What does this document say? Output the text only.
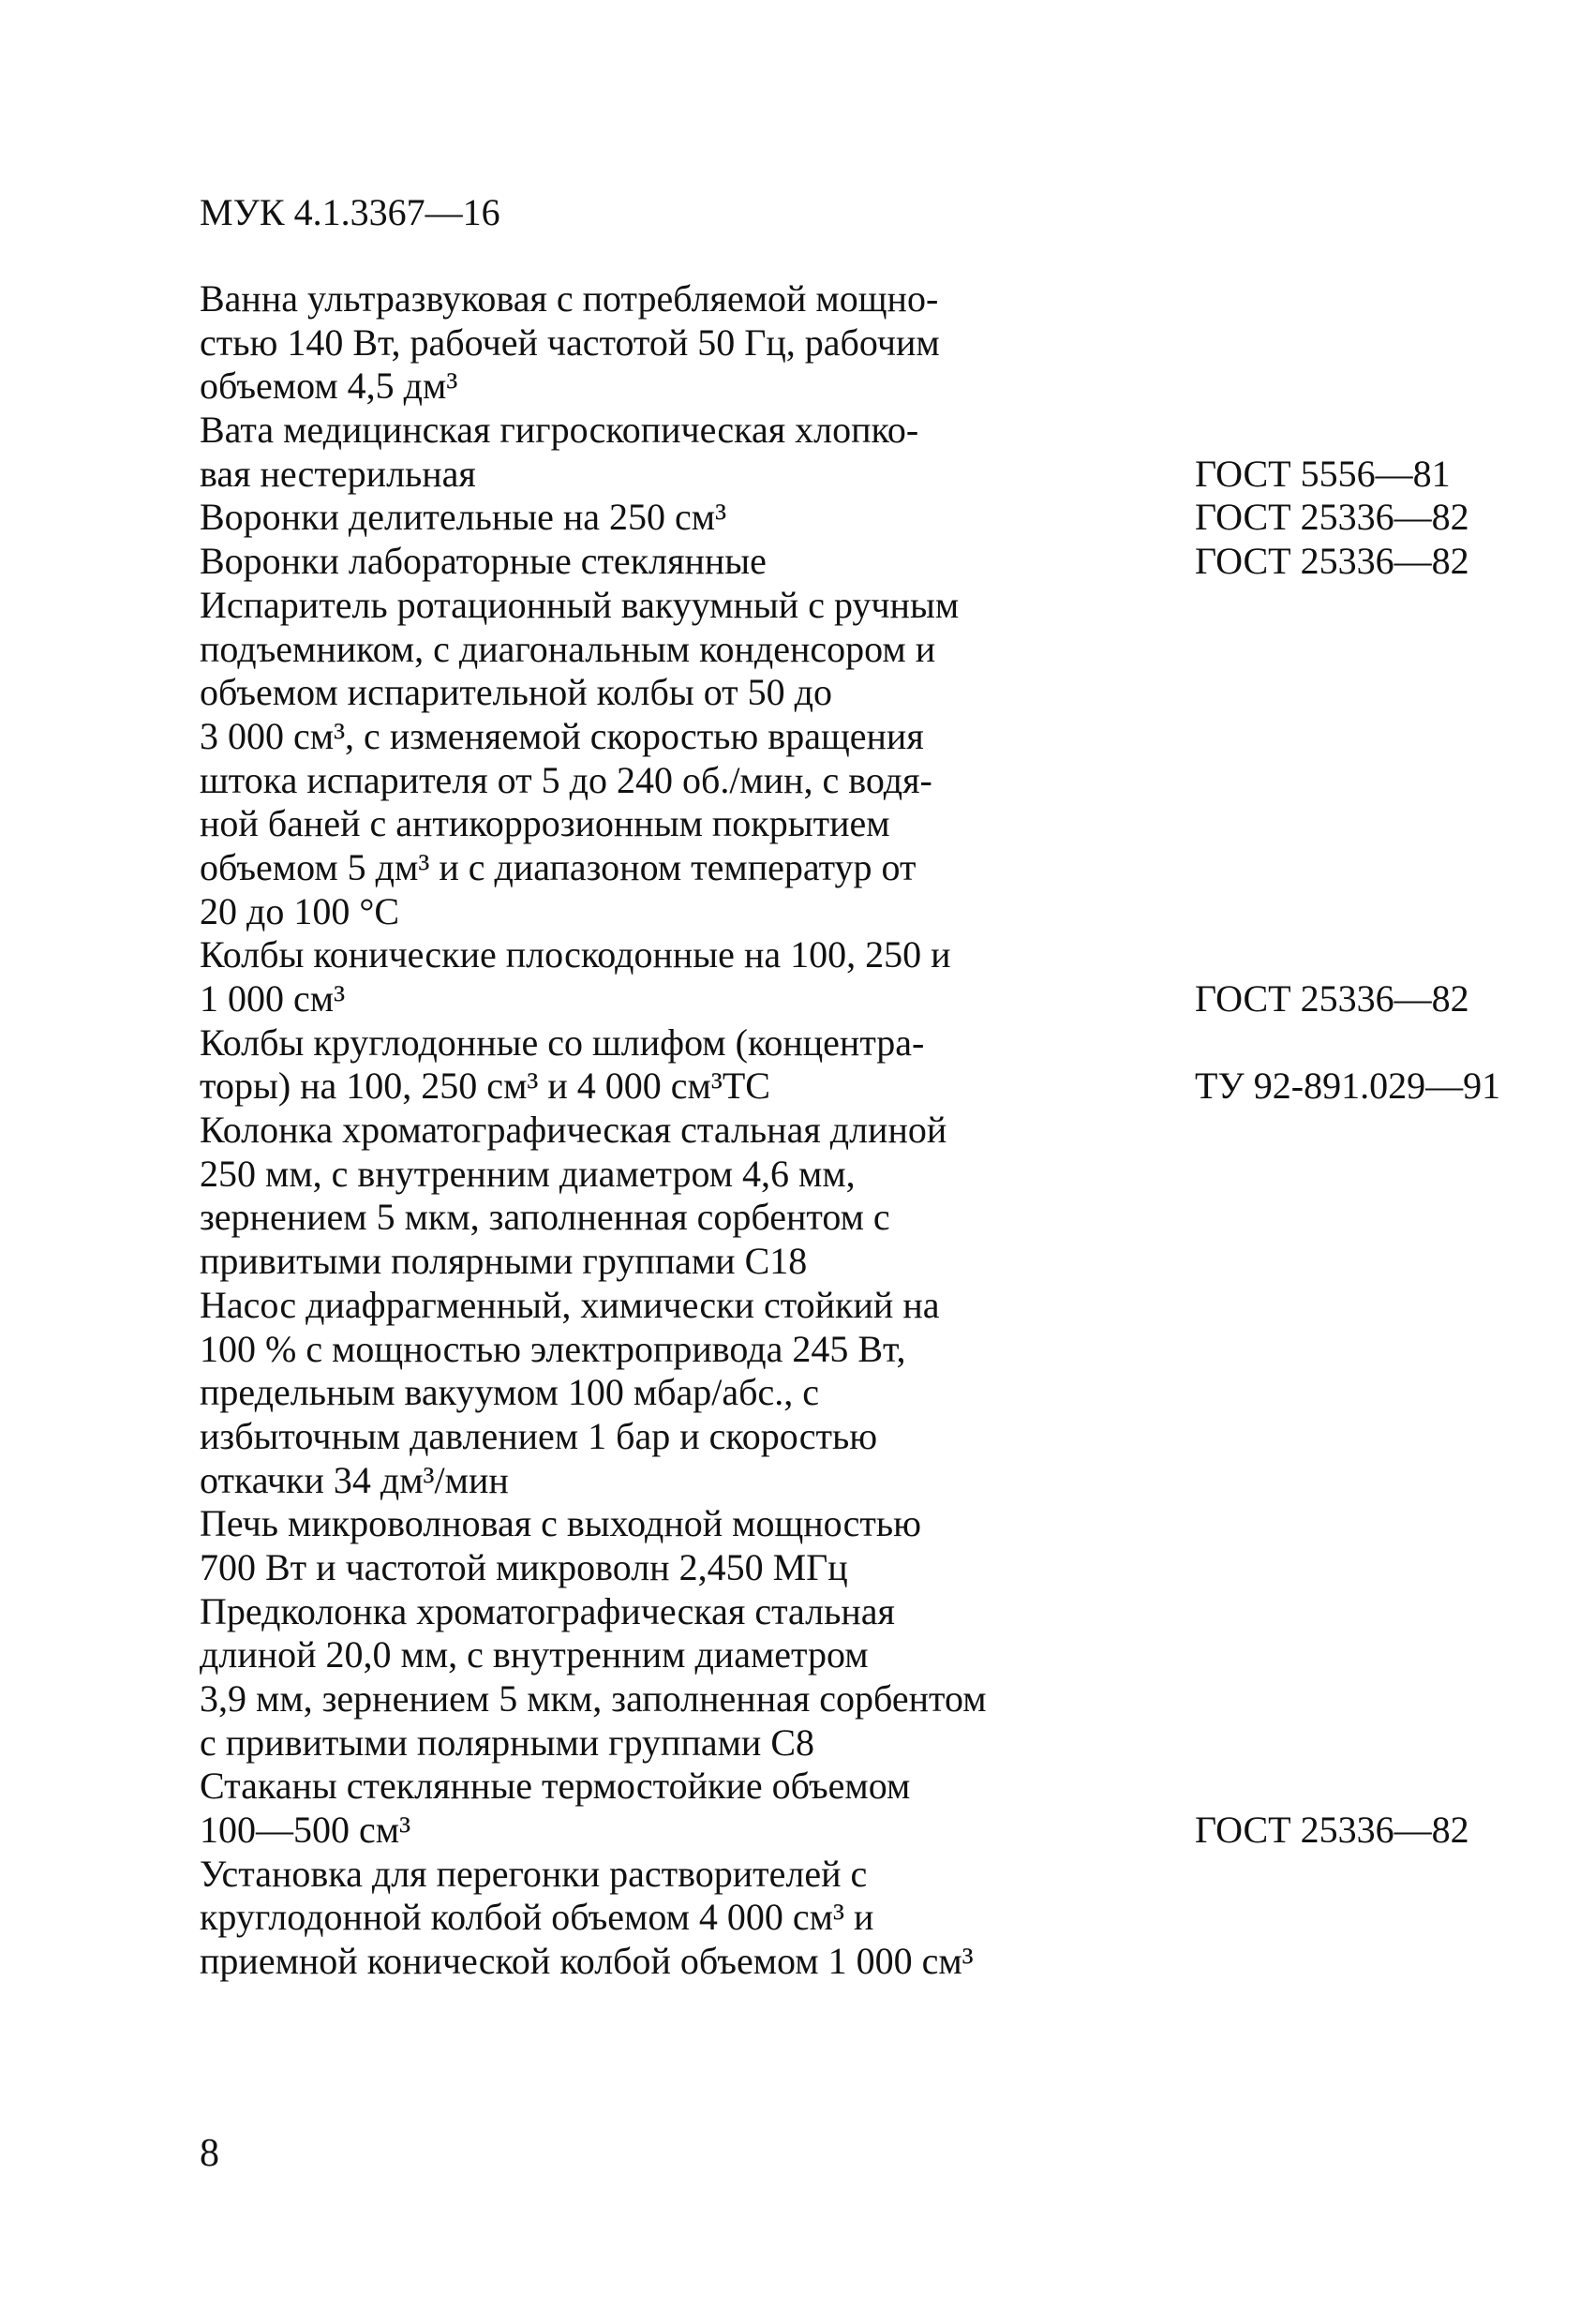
МУК 4.1.3367—16
Ванна ультразвуковая с потребляемой мощно-
стью 140 Вт, рабочей частотой 50 Гц, рабочим
объемом 4,5 дм³
Вата медицинская гигроскопическая хлопко-
вая нестерильная	ГОСТ 5556—81
Воронки делительные на 250 см³	ГОСТ 25336—82
Воронки лабораторные стеклянные	ГОСТ 25336—82
Испаритель ротационный вакуумный с ручным
подъемником, с диагональным конденсором и
объемом испарительной колбы от 50 до
3 000 см³, с изменяемой скоростью вращения
штока испарителя от 5 до 240 об./мин, с водя-
ной баней с антикоррозионным покрытием
объемом 5 дм³ и с диапазоном температур от
20 до 100 °С
Колбы конические плоскодонные на 100, 250 и
1 000 см³	ГОСТ 25336—82
Колбы круглодонные со шлифом (концентра-
торы) на 100, 250 см³ и 4 000 см³ТС	ТУ 92-891.029—91
Колонка хроматографическая стальная длиной
250 мм, с внутренним диаметром 4,6 мм,
зернением 5 мкм, заполненная сорбентом с
привитыми полярными группами С18
Насос диафрагменный, химически стойкий на
100 % с мощностью электропривода 245 Вт,
предельным вакуумом 100 мбар/абс., с
избыточным давлением 1 бар и скоростью
откачки 34 дм³/мин
Печь микроволновая с выходной мощностью
700 Вт и частотой микроволн 2,450 МГц
Предколонка хроматографическая стальная
длиной 20,0 мм, с внутренним диаметром
3,9 мм, зернением 5 мкм, заполненная сорбентом
с привитыми полярными группами С8
Стаканы стеклянные термостойкие объемом
100—500 см³	ГОСТ 25336—82
Установка для перегонки растворителей с
круглодонной колбой объемом 4 000 см³ и
приемной конической колбой объемом 1 000 см³
8
